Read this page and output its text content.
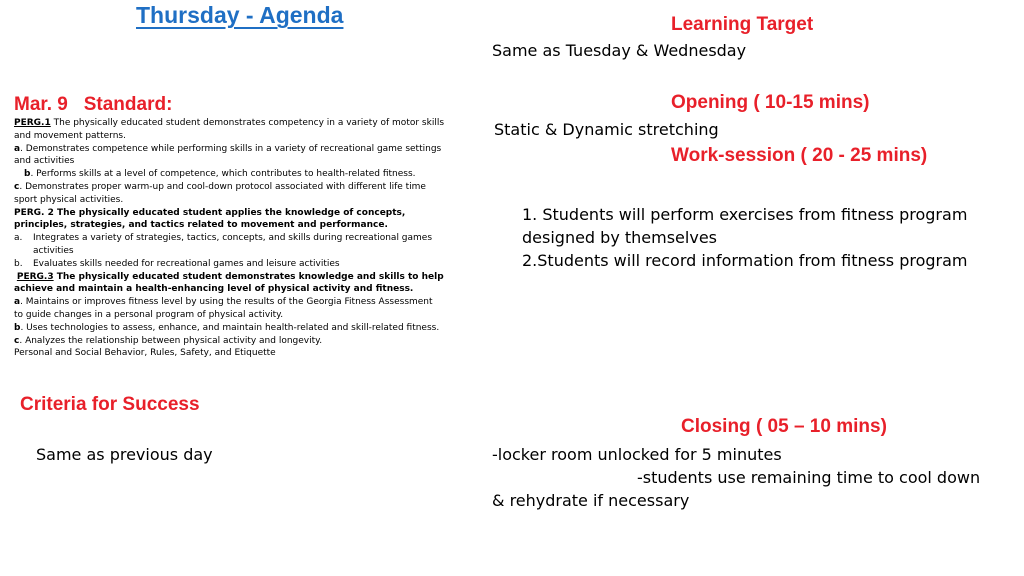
Thursday - Agenda	Learning Target
Same as Tuesday & Wednesday
Mar. 9 Standard:

PERG.1 The physically educated student demonstrates competency in a variety of motor skills and movement patterns.

a. Demonstrates competence while performing skills in a variety of recreational game settings and activities

b. Performs skills at a level of competence, which contributes to health-related fitness.

c. Demonstrates proper warm-up and cool-down protocol associated with different life time sport physical activities.

PERG. 2 The physically educated student applies the knowledge of concepts, principles, strategies, and tactics related to movement and performance.

a.	Integrates a variety of strategies, tactics, concepts, and skills during recreational games activities
b.	Evaluates skills needed for recreational games and leisure activities

PERG.3 The physically educated student demonstrates knowledge and skills to help achieve and maintain a health-enhancing level of physical activity and fitness.

a. Maintains or improves fitness level by using the results of the Georgia Fitness Assessment to guide changes in a personal program of physical activity.

b. Uses technologies to assess, enhance, and maintain health-related and skill-related fitness.

c. Analyzes the relationship between physical activity and longevity.

Personal and Social Behavior, Rules, Safety, and Etiquette

Opening ( 10-15 mins)
Static & Dynamic stretching
Work-session ( 20 - 25 mins)

1. Students will perform exercises from fitness program
designed by themselves

2.Students will record information from fitness program

Criteria for Success
Same as previous day
Closing ( 05 – 10 mins)

-locker room unlocked for 5 minutes

-students use remaining time to cool down

& rehydrate if necessary
